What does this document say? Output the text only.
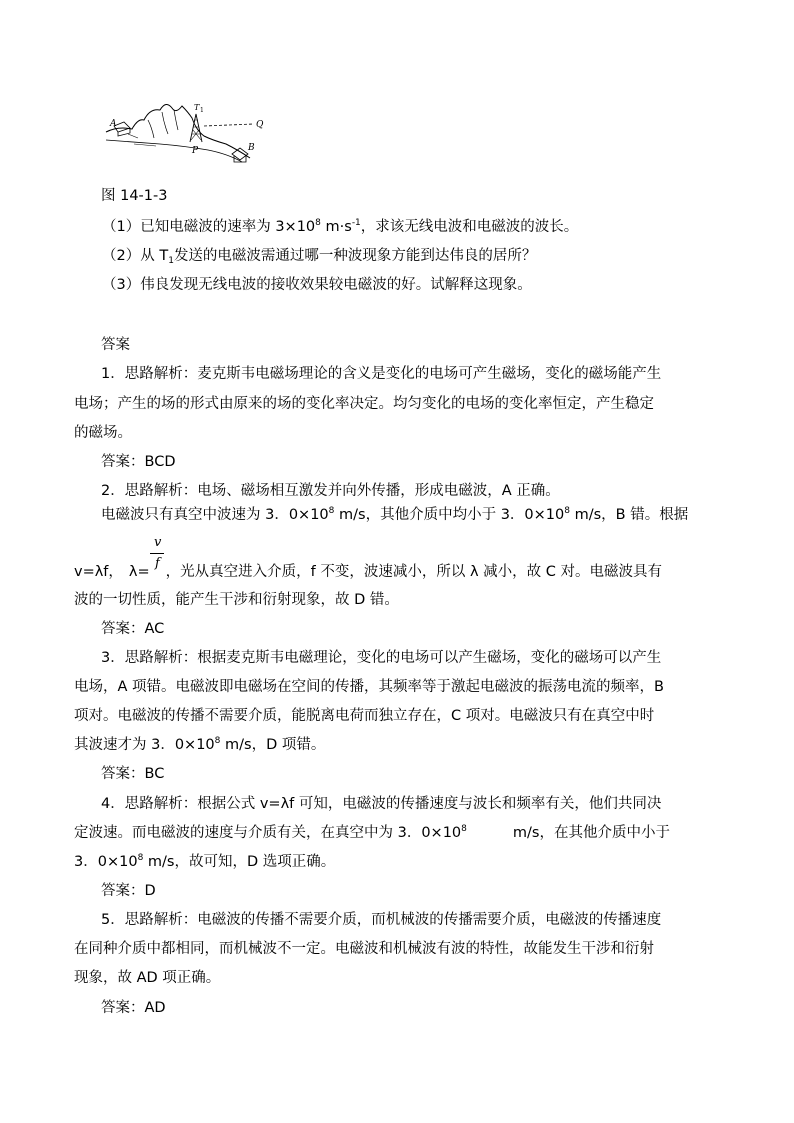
A
T 1
P
Q
B
图 14-1-3
（1）已知电磁波的速率为 $3\times 10^8$ $m\cdot s^{-1}$，求该无线电波和电磁波的波长。
（2）从 $T_1$发送的电磁波需通过哪一种波现象方能到达伟良的居所？
（3）伟良发现无线电波的接收效果较电磁波的好。试解释这现象。
答案
1．思路解析：麦克斯韦电磁场理论的含义是变化的电场可产生磁场，变化的磁场能产生
电场；产生的场的形式由原来的场的变化率决定。均匀变化的电场的变化率恒定，产生稳定
的磁场。
答案：BCD
2．思路解析：电场、磁场相互激发并向外传播，形成电磁波，A 正确。
电磁波只有真空中波速为 3．$0\times 10^8$ m/s，其他介质中均小于 3．$0\times 10^8$ m/s，B 错。根据
v
f
v=λf， λ= ，光从真空进入介质，f 不变，波速减小，所以 λ 减小，故 C 对。电磁波具有
波的一切性质，能产生干涉和衍射现象，故 D 错。
答案：AC
3．思路解析：根据麦克斯韦电磁理论，变化的电场可以产生磁场，变化的磁场可以产生
电场，A 项错。电磁波即电磁场在空间的传播，其频率等于激起电磁波的振荡电流的频率，B
项对。电磁波的传播不需要介质，能脱离电荷而独立存在，C 项对。电磁波只有在真空中时
其波速才为 3．$0\times 10^8$ m/s，D 项错。
答案：BC
4．思路解析：根据公式 v=λf 可知，电磁波的传播速度与波长和频率有关，他们共同决
定波速。而电磁波的速度与介质有关，在真空中为 3．$0\times 10^8$	m/s，在其他介质中小于
3．$0\times 10^8$ m/s，故可知，D 选项正确。
答案：D
5．思路解析：电磁波的传播不需要介质，而机械波的传播需要介质，电磁波的传播速度
在同种介质中都相同，而机械波不一定。电磁波和机械波有波的特性，故能发生干涉和衍射
现象，故 AD 项正确。
答案：AD
